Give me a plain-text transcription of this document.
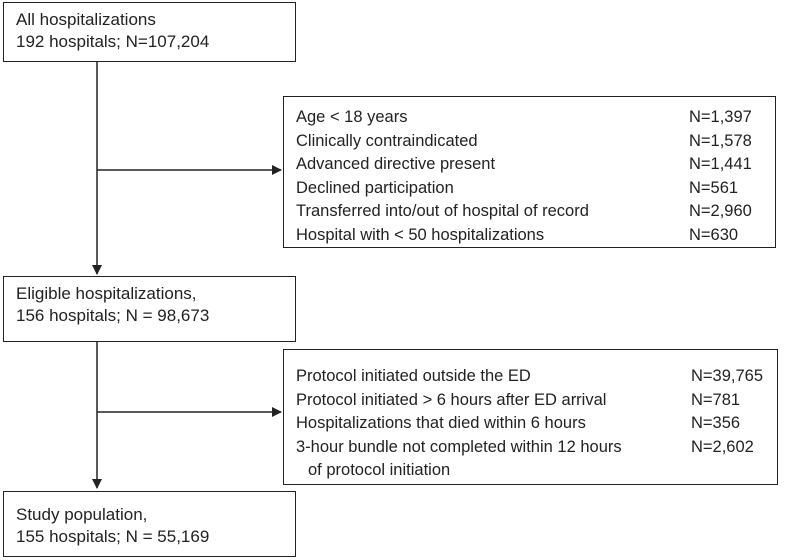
All hospitalizations
192 hospitals; N=107,204
Age < 18 years	N=1,397
Clinically contraindicated	N=1,578
Advanced directive present	N=1,441
Declined participation	N=561
Transferred into/out of hospital of record	N=2,960
Hospital with < 50 hospitalizations	N=630
Eligible hospitalizations,
156 hospitals; N = 98,673
Protocol initiated outside the ED	N=39,765
Protocol initiated > 6 hours after ED arrival	N=781
Hospitalizations that died within 6 hours	N=356
3-hour bundle not completed within 12 hours	N=2,602
of protocol initiation
Study population,
155 hospitals; N = 55,169
